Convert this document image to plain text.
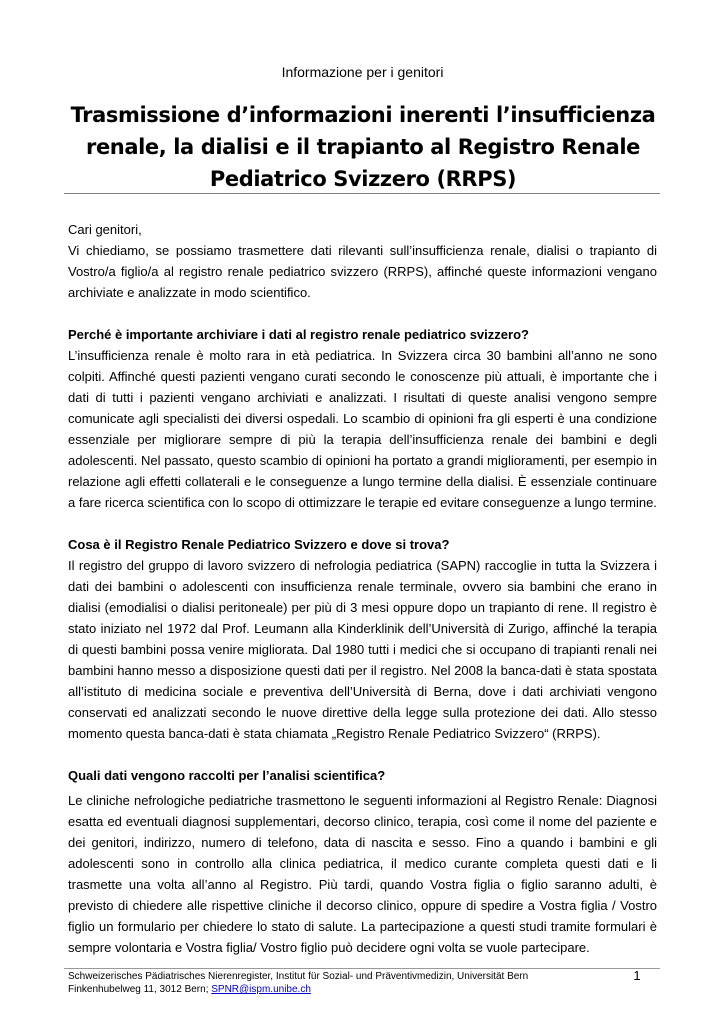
Informazione per i genitori
Trasmissione d’informazioni inerenti l’insufficienza renale, la dialisi e il trapianto al Registro Renale Pediatrico Svizzero (RRPS)

Cari genitori,

Vi chiediamo, se possiamo trasmettere dati rilevanti sull’insufficienza renale, dialisi o trapianto di Vostro/a figlio/a al registro renale pediatrico svizzero (RRPS), affinché queste informazioni vengano archiviate e analizzate in modo scientifico.

Perché è importante archiviare i dati al registro renale pediatrico svizzero?

L’insufficienza renale è molto rara in età pediatrica. In Svizzera circa 30 bambini all’anno ne sono colpiti. Affinché questi pazienti vengano curati secondo le conoscenze più attuali, è importante che i dati di tutti i pazienti vengano archiviati e analizzati. I risultati di queste analisi vengono sempre comunicate agli specialisti dei diversi ospedali. Lo scambio di opinioni fra gli esperti è una condizione essenziale per migliorare sempre di più la terapia dell’insufficienza renale dei bambini e degli adolescenti. Nel passato, questo scambio di opinioni ha portato a grandi miglioramenti, per esempio in relazione agli effetti collaterali e le conseguenze a lungo termine della dialisi. È essenziale continuare a fare ricerca scientifica con lo scopo di ottimizzare le terapie ed evitare conseguenze a lungo termine.

Cosa è il Registro Renale Pediatrico Svizzero e dove si trova?

Il registro del gruppo di lavoro svizzero di nefrologia pediatrica (SAPN) raccoglie in tutta la Svizzera i dati dei bambini o adolescenti con insufficienza renale terminale, ovvero sia bambini che erano in dialisi (emodialisi o dialisi peritoneale) per più di 3 mesi oppure dopo un trapianto di rene. Il registro è stato iniziato nel 1972 dal Prof. Leumann alla Kinderklinik dell’Università di Zurigo, affinché la terapia di questi bambini possa venire migliorata. Dal 1980 tutti i medici che si occupano di trapianti renali nei bambini hanno messo a disposizione questi dati per il registro. Nel 2008 la banca-dati è stata spostata all’istituto di medicina sociale e preventiva dell’Università di Berna, dove i dati archiviati vengono conservati ed analizzati secondo le nuove direttive della legge sulla protezione dei dati. Allo stesso momento questa banca-dati è stata chiamata „Registro Renale Pediatrico Svizzero“ (RRPS).

Quali dati vengono raccolti per l’analisi scientifica?

Le cliniche nefrologiche pediatriche trasmettono le seguenti informazioni al Registro Renale: Diagnosi esatta ed eventuali diagnosi supplementari, decorso clinico, terapia, così come il nome del paziente e dei genitori, indirizzo, numero di telefono, data di nascita e sesso. Fino a quando i bambini e gli adolescenti sono in controllo alla clinica pediatrica, il medico curante completa questi dati e li trasmette una volta all’anno al Registro. Più tardi, quando Vostra figlia o figlio saranno adulti, è previsto di chiedere alle rispettive cliniche il decorso clinico, oppure di spedire a Vostra figlia / Vostro figlio un formulario per chiedere lo stato di salute. La partecipazione a questi studi tramite formulari è sempre volontaria e Vostra figlia/ Vostro figlio può decidere ogni volta se vuole partecipare.

Schweizerisches Pädiatrisches Nierenregister, Institut für Sozial- und Präventivmedizin, Universität Bern
Finkenhubelweg 11, 3012 Bern; SPNR@ispm.unibe.ch
1
